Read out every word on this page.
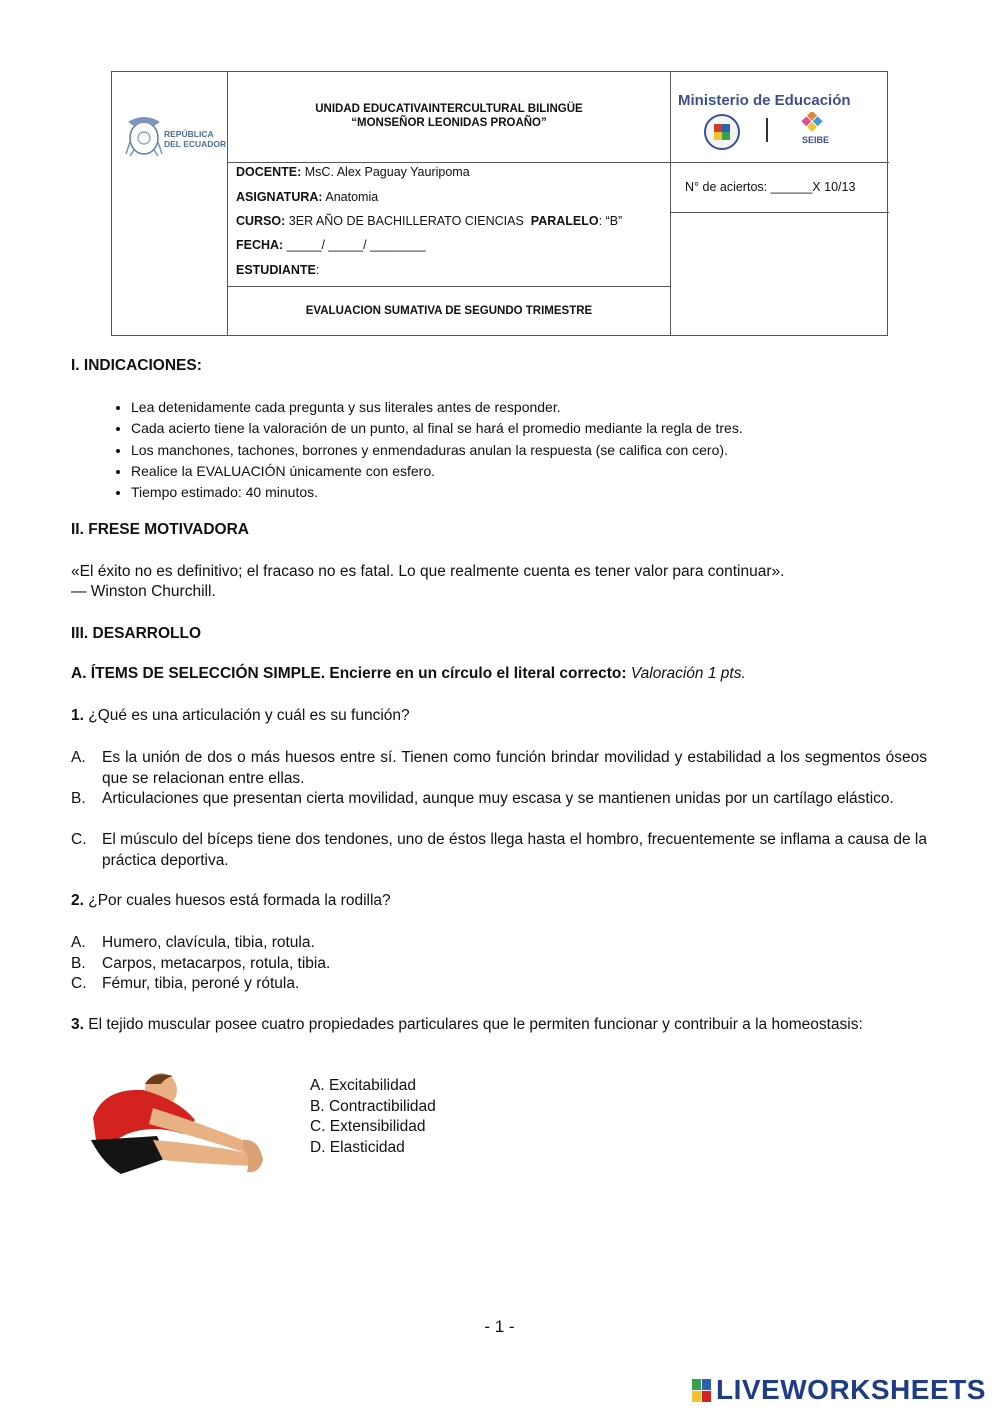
REPÚBLICA
DEL ECUADOR
UNIDAD EDUCATIVAINTERCULTURAL BILINGÜE
“MONSEÑOR LEONIDAS PROAÑO”
Ministerio de Educación
SEIBE
DOCENTE: MsC. Alex Paguay Yauripoma
ASIGNATURA: Anatomia
CURSO: 3ER AÑO DE BACHILLERATO CIENCIAS PARALELO: “B”
FECHA: _____/ _____/ ________
ESTUDIANTE:
N° de aciertos: ______X 10/13
EVALUACION SUMATIVA DE SEGUNDO TRIMESTRE
I. INDICACIONES:
• Lea detenidamente cada pregunta y sus literales antes de responder.
• Cada acierto tiene la valoración de un punto, al final se hará el promedio mediante la regla de tres.
• Los manchones, tachones, borrones y enmendaduras anulan la respuesta (se califica con cero).
• Realice la EVALUACIÓN únicamente con esfero.
• Tiempo estimado: 40 minutos.
II. FRESE MOTIVADORA
«El éxito no es definitivo; el fracaso no es fatal. Lo que realmente cuenta es tener valor para continuar».
— Winston Churchill.
III. DESARROLLO
A. ÍTEMS DE SELECCIÓN SIMPLE. Encierre en un círculo el literal correcto: Valoración 1 pts.
1. ¿Qué es una articulación y cuál es su función?
A. Es la unión de dos o más huesos entre sí. Tienen como función brindar movilidad y estabilidad a los segmentos óseos que se relacionan entre ellas.
B. Articulaciones que presentan cierta movilidad, aunque muy escasa y se mantienen unidas por un cartílago elástico.
C. El músculo del bíceps tiene dos tendones, uno de éstos llega hasta el hombro, frecuentemente se inflama a causa de la práctica deportiva.
2. ¿Por cuales huesos está formada la rodilla?
A. Humero, clavícula, tibia, rotula.
B. Carpos, metacarpos, rotula, tibia.
C. Fémur, tibia, peroné y rótula.
3. El tejido muscular posee cuatro propiedades particulares que le permiten funcionar y contribuir a la homeostasis:
A. Excitabilidad
B. Contractibilidad
C. Extensibilidad
D. Elasticidad
- 1 -
LIVEWORKSHEETS
